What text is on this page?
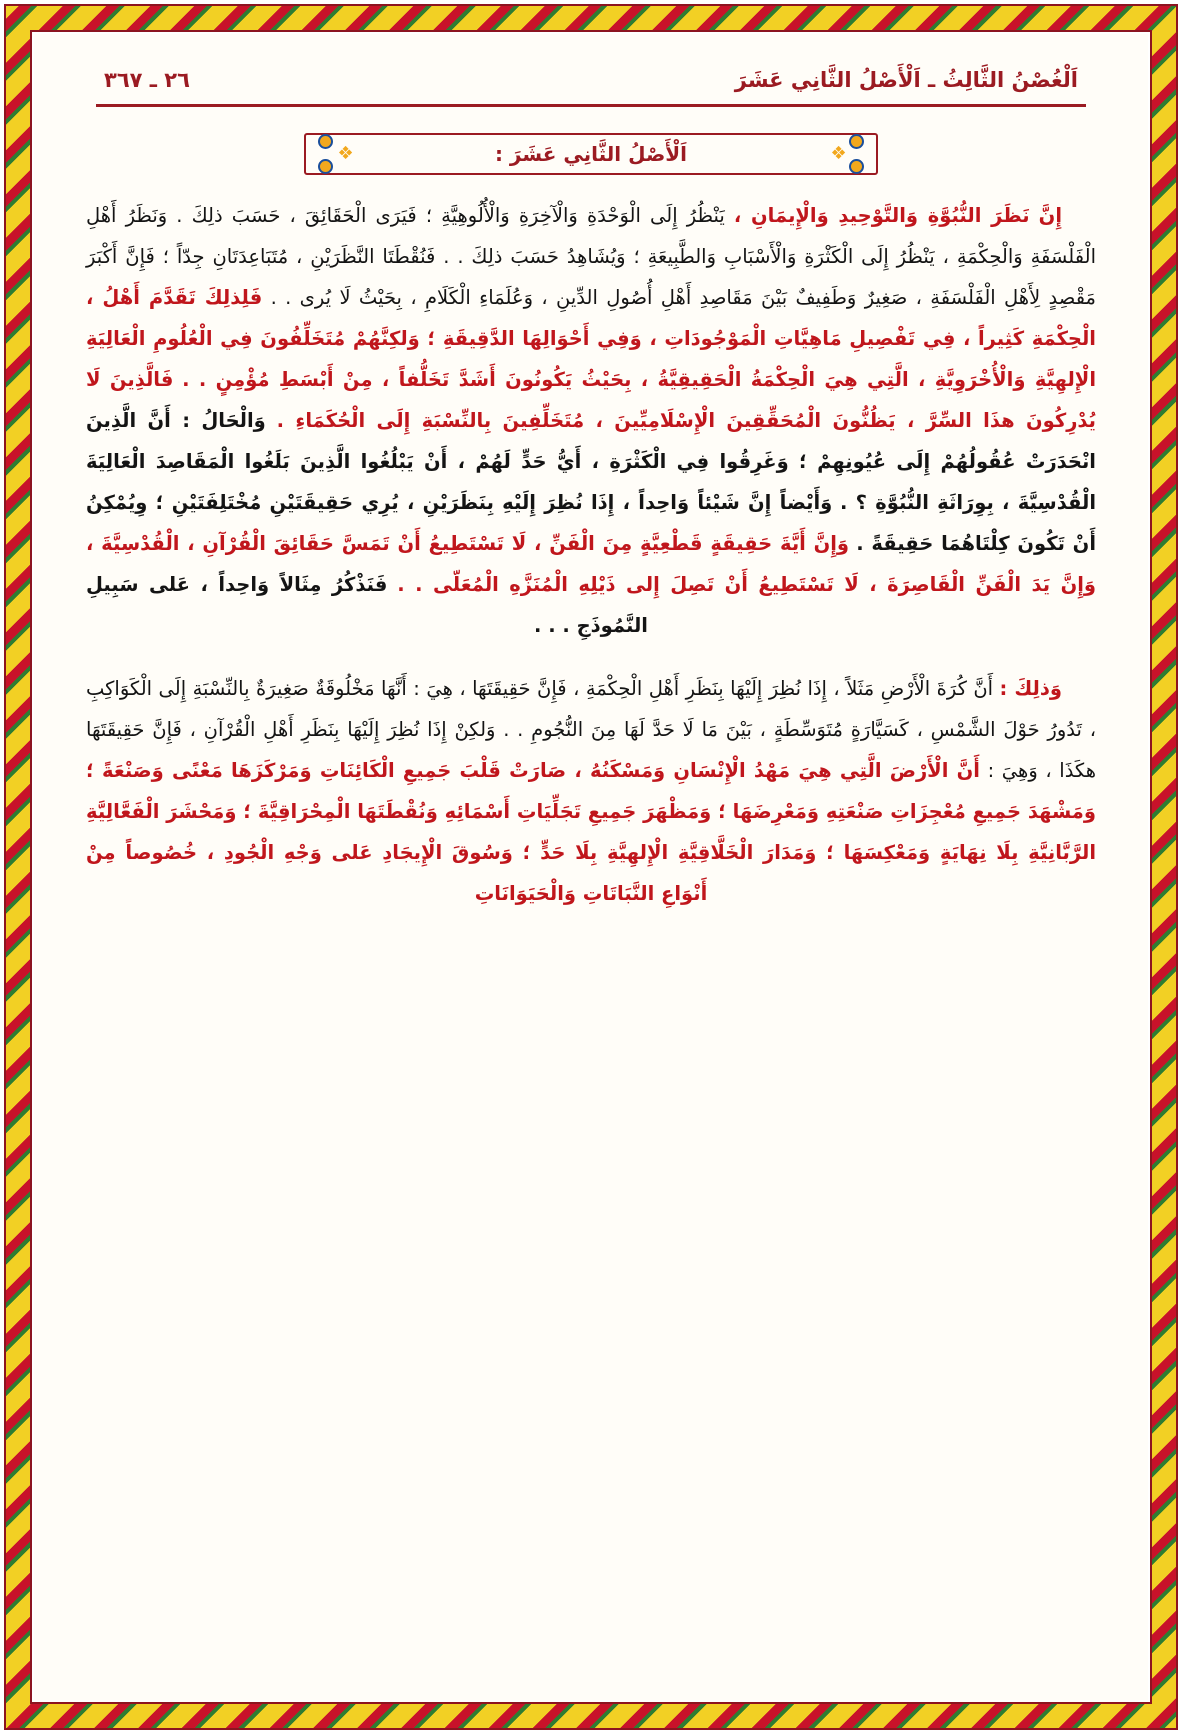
اَلْغُصْنُ الثَّالِثُ ـ اَلْأَصْلُ الثَّانِي عَشَرَ
٢٦ ـ ٣٦٧
❖
اَلْأَصْلُ الثَّانِي عَشَرَ :
❖

إِنَّ نَظَرَ النُّبُوَّةِ وَالتَّوْحِيدِ وَالْإِيمَانِ ، يَنْظُرُ إِلَى الْوَحْدَةِ وَالْآخِرَةِ وَالْأُلُوهِيَّةِ ؛ فَيَرَى الْحَقَائِقَ ، حَسَبَ ذلِكَ . وَنَظَرُ أَهْلِ الْفَلْسَفَةِ وَالْحِكْمَةِ ، يَنْظُرُ إِلَى الْكَثْرَةِ وَالْأَسْبَابِ وَالطَّبِيعَةِ ؛ وَيُشَاهِدُ حَسَبَ ذلِكَ . . فَنُقْطَتَا النَّظَرَيْنِ ، مُتَبَاعِدَتَانِ جِدّاً ؛ فَإِنَّ أَكْبَرَ مَقْصِدٍ لِأَهْلِ الْفَلْسَفَةِ ، صَغِيرٌ وَطَفِيفٌ بَيْنَ مَقَاصِدِ أَهْلِ أُصُولِ الدِّينِ ، وَعُلَمَاءِ الْكَلَامِ ، بِحَيْثُ لَا يُرى . . فَلِذلِكَ تَقَدَّمَ أَهْلُ ، الْحِكْمَةِ كَثِيراً ، فِي تَفْصِيلِ مَاهِيَّاتِ الْمَوْجُودَاتِ ، وَفِي أَحْوَالِهَا الدَّقِيقَةِ ؛ وَلكِنَّهُمْ مُتَخَلِّفُونَ فِي الْعُلُومِ الْعَالِيَةِ الْإِلهِيَّةِ وَالْأُخْرَوِيَّةِ ، الَّتِي هِيَ الْحِكْمَةُ الْحَقِيقِيَّةُ ، بِحَيْثُ يَكُونُونَ أَشَدَّ تَخَلُّفاً ، مِنْ أَبْسَطِ مُؤْمِنٍ . . فَالَّذِينَ لَا يُدْرِكُونَ هذَا السِّرَّ ، يَظُنُّونَ الْمُحَقِّقِينَ الْإِسْلَامِيِّينَ ، مُتَخَلِّفِينَ بِالنِّسْبَةِ إِلَى الْحُكَمَاءِ . وَالْحَالُ : أَنَّ الَّذِينَ انْحَدَرَتْ عُقُولُهُمْ إِلَى عُيُونِهِمْ ؛ وَغَرِقُوا فِي الْكَثْرَةِ ، أَيُّ حَدٍّ لَهُمْ ، أَنْ يَبْلُغُوا الَّذِينَ بَلَغُوا الْمَقَاصِدَ الْعَالِيَةَ الْقُدْسِيَّةَ ، بِوِرَاثَةِ النُّبُوَّةِ ؟ . وَأَيْضاً إِنَّ شَيْئاً وَاحِداً ، إِذَا نُظِرَ إِلَيْهِ بِنَظَرَيْنِ ، يُرِي حَقِيقَتَيْنِ مُخْتَلِفَتَيْنِ ؛ وِيُمْكِنُ أَنْ تَكُونَ كِلْتَاهُمَا حَقِيقَةً . وَإِنَّ أَيَّةَ حَقِيقَةٍ قَطْعِيَّةٍ مِنَ الْفَنِّ ، لَا تَسْتَطِيعُ أَنْ تَمَسَّ حَقَائِقَ الْقُرْآنِ ، الْقُدْسِيَّةَ ، وَإِنَّ يَدَ الْفَنِّ الْقَاصِرَةَ ، لَا تَسْتَطِيعُ أَنْ تَصِلَ إِلى ذَيْلِهِ الْمُنَزَّهِ الْمُعَلّى . . فَنَذْكُرُ مِثَالاً وَاحِداً ، عَلى سَبِيلِ النَّمُوذَجِ . . .

وَذلِكَ : أَنَّ كُرَةَ الْأَرْضِ مَثَلاً ، إِذَا نُظِرَ إِلَيْهَا بِنَظَرِ أَهْلِ الْحِكْمَةِ ، فَإِنَّ حَقِيقَتَهَا ، هِيَ : أَنَّهَا مَخْلُوقَةٌ صَغِيرَةٌ بِالنِّسْبَةِ إِلَى الْكَوَاكِبِ ، تَدُورُ حَوْلَ الشَّمْسِ ، كَسَيَّارَةٍ مُتَوَسِّطَةٍ ، بَيْنَ مَا لَا حَدَّ لَهَا مِنَ النُّجُومِ . . وَلكِنْ إِذَا نُظِرَ إِلَيْهَا بِنَظَرِ أَهْلِ الْقُرْآنِ ، فَإِنَّ حَقِيقَتَهَا هكَذَا ، وَهِيَ : أَنَّ الْأَرْضَ الَّتِي هِيَ مَهْدُ الْإِنْسَانِ وَمَسْكَنُهُ ، صَارَتْ قَلْبَ جَمِيعِ الْكَائِنَاتِ وَمَرْكَزَهَا مَعْنًى وَصَنْعَةً ؛ وَمَشْهَدَ جَمِيعِ مُعْجِزَاتِ صَنْعَتِهِ وَمَعْرِضَهَا ؛ وَمَظْهَرَ جَمِيعِ تَجَلِّيَاتِ أَسْمَائِهِ وَنُقْطَتَهَا الْمِحْرَاقِيَّةَ ؛ وَمَحْشَرَ الْفَعَّالِيَّةِ الرَّبَّانِيَّةِ بِلَا نِهَايَةٍ وَمَعْكِسَهَا ؛ وَمَدَارَ الْخَلَّاقِيَّةِ الْإِلهِيَّةِ بِلَا حَدٍّ ؛ وَسُوقَ الْإِيجَادِ عَلى وَجْهِ الْجُودِ ، خُصُوصاً مِنْ أَنْوَاعِ النَّبَاتَاتِ وَالْحَيَوَانَاتِ
